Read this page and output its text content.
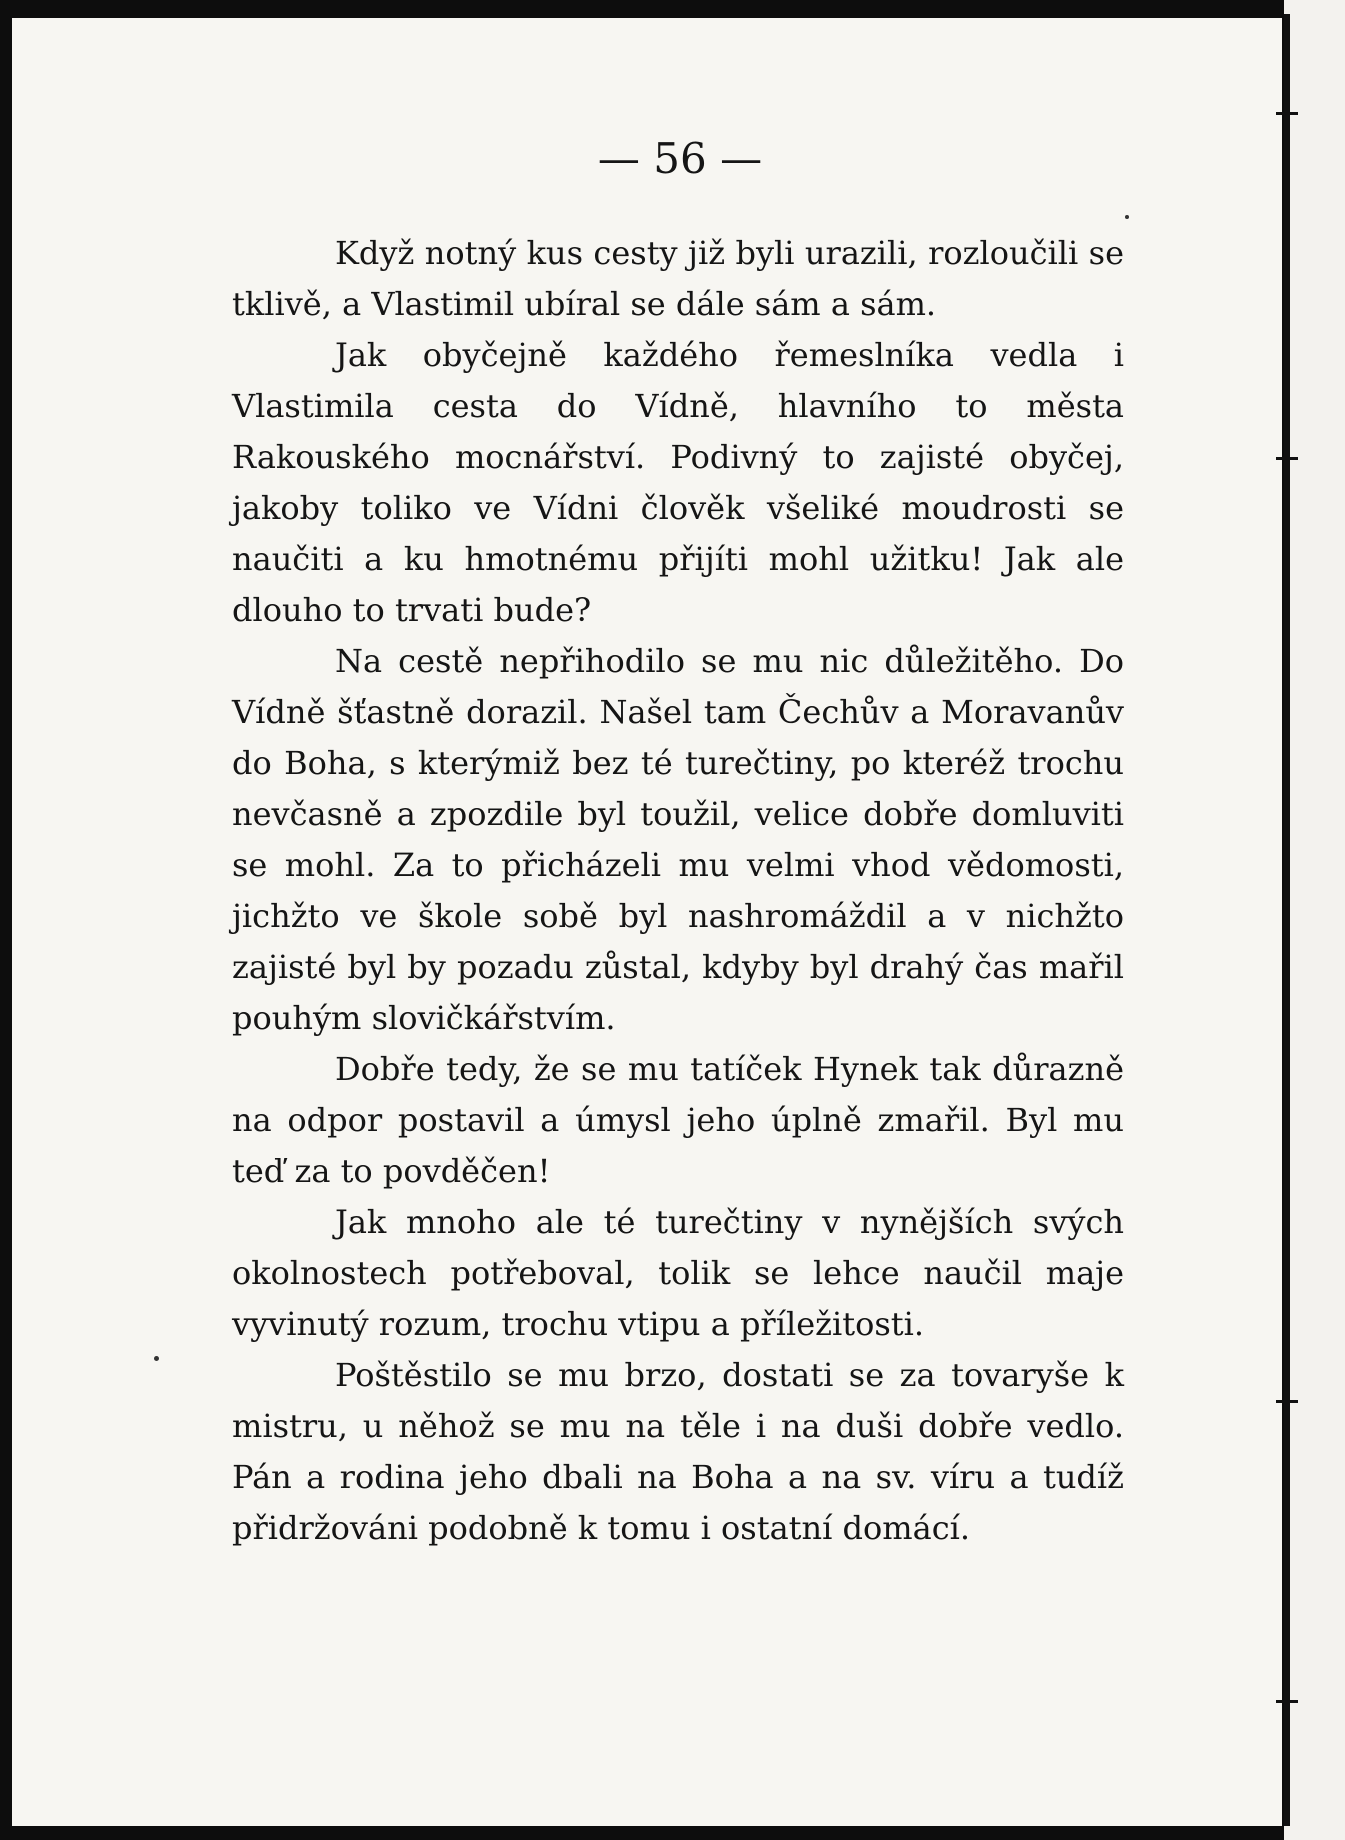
— 56 —

Když notný kus cesty již byli urazili, rozloučili se tklivě, a Vlastimil ubíral se dále sám a sám.

Jak obyčejně každého řemeslníka vedla i Vlastimila cesta do Vídně, hlavního to města Rakouského mocnářství. Podivný to zajisté obyčej, jakoby toliko ve Vídni člověk všeliké moudrosti se naučiti a ku hmotnému přijíti mohl užitku! Jak ale dlouho to trvati bude?

Na cestě nepřihodilo se mu nic důležitěho. Do Vídně šťastně dorazil. Našel tam Čechův a Moravanův do Boha, s kterýmiž bez té turečtiny, po kteréž trochu nevčasně a zpozdile byl toužil, velice dobře domluviti se mohl. Za to přicházeli mu velmi vhod vědomosti, jichžto ve škole sobě byl nashromáždil a v nichžto zajisté byl by pozadu zůstal, kdyby byl drahý čas mařil pouhým slovičkářstvím.

Dobře tedy, že se mu tatíček Hynek tak důrazně na odpor postavil a úmysl jeho úplně zmařil. Byl mu teď za to povděčen!

Jak mnoho ale té turečtiny v nynějších svých okolnostech potřeboval, tolik se lehce naučil maje vyvinutý rozum, trochu vtipu a příležitosti.

Poštěstilo se mu brzo, dostati se za tovaryše k mistru, u něhož se mu na těle i na duši dobře vedlo. Pán a rodina jeho dbali na Boha a na sv. víru a tudíž přidržováni podobně k tomu i ostatní domácí.
